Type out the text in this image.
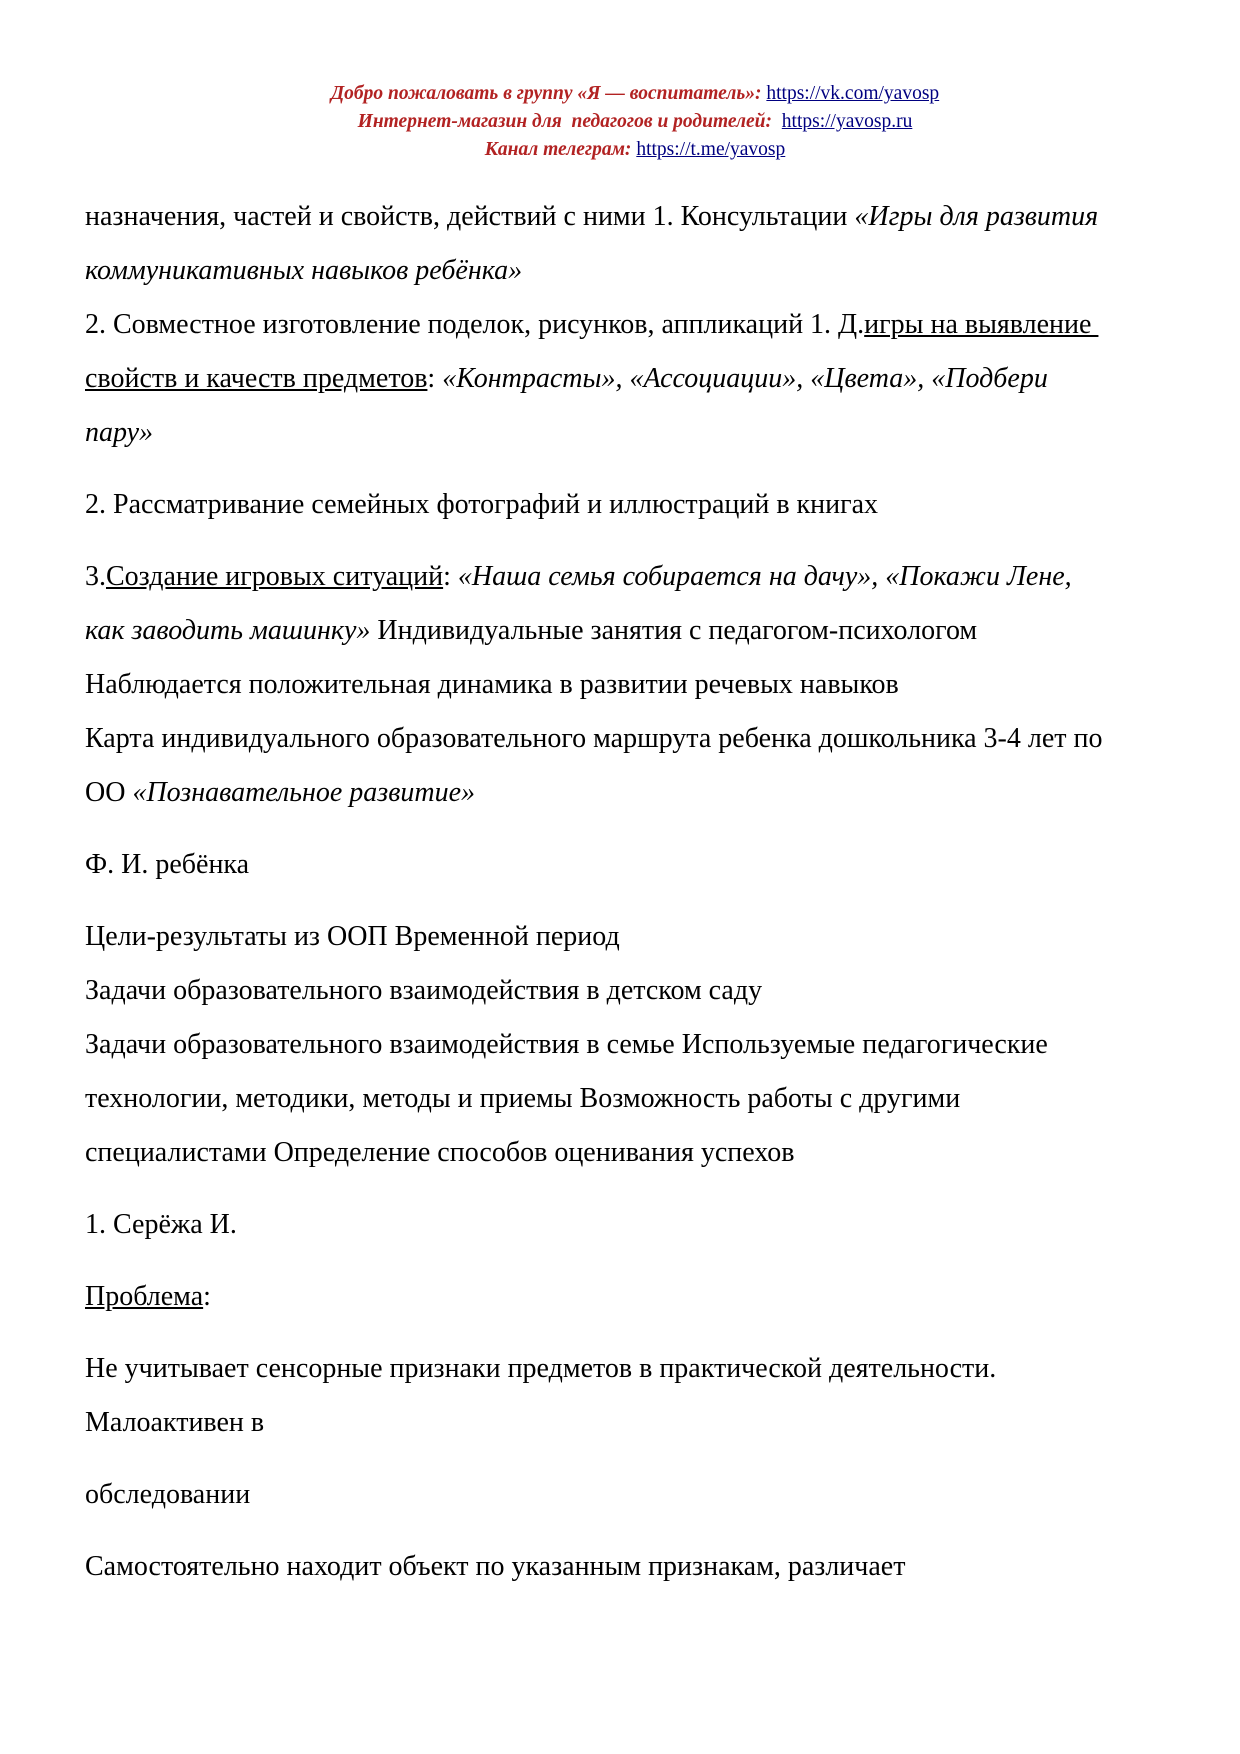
Добро пожаловать в группу «Я — воспитатель»: https://vk.com/yavosp
Интернет-магазин для  педагогов и родителей:  https://yavosp.ru
Канал телеграм: https://t.me/yavosp
назначения, частей и свойств, действий с ними 1. Консультации «Игры для развития
коммуникативных навыков ребёнка»
2. Совместное изготовление поделок, рисунков, аппликаций 1. Д.игры на выявление
свойств и качеств предметов: «Контрасты», «Ассоциации», «Цвета», «Подбери
пару»
2. Рассматривание семейных фотографий и иллюстраций в книгах
3.Создание игровых ситуаций: «Наша семья собирается на дачу», «Покажи Лене,
как заводить машинку» Индивидуальные занятия с педагогом-психологом
Наблюдается положительная динамика в развитии речевых навыков
Карта индивидуального образовательного маршрута ребенка дошкольника 3-4 лет по
ОО «Познавательное развитие»
Ф. И. ребёнка
Цели-результаты из ООП Временной период
Задачи образовательного взаимодействия в детском саду
Задачи образовательного взаимодействия в семье Используемые педагогические
технологии, методики, методы и приемы Возможность работы с другими
специалистами Определение способов оценивания успехов
1. Серёжа И.
Проблема:
Не учитывает сенсорные признаки предметов в практической деятельности.
Малоактивен в
обследовании
Самостоятельно находит объект по указанным признакам, различает
